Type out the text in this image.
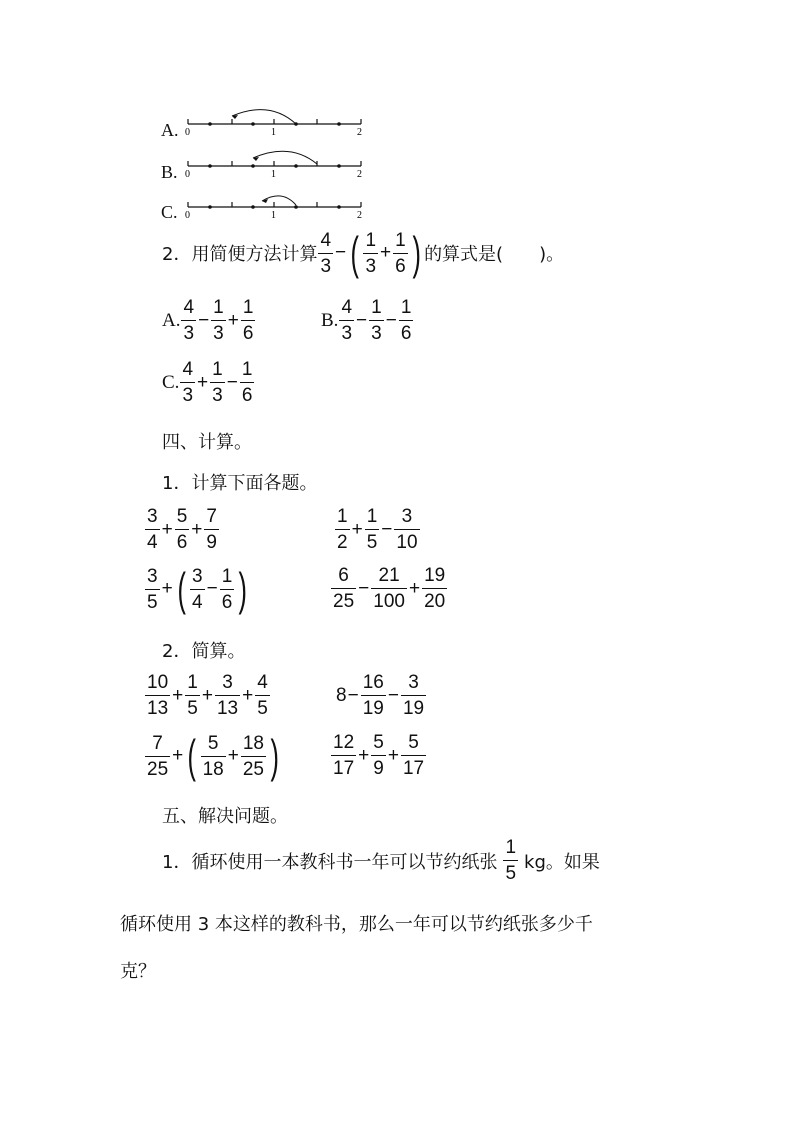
A. 0	1	2
B. 0	1	2
C. 0	1	2
2． 用简便方法计算 $\frac{4}{3}$ − ( $\frac{1}{3} + \frac{1}{6}$ ) 的算式是(　　)。
A. $\frac{4}{3} - \frac{1}{3} + \frac{1}{6}$	B. $\frac{4}{3} - \frac{1}{3} - \frac{1}{6}$
C. $\frac{4}{3} + \frac{1}{3} - \frac{1}{6}$
四、计算。
1．计算下面各题。
$\frac{3}{4} + \frac{5}{6} + \frac{7}{9}$	$\frac{1}{2} + \frac{1}{5} - \frac{3}{10}$
$\frac{3}{5}$ + ( $\frac{3}{4} - \frac{1}{6}$ )	$\frac{6}{25} - \frac{21}{100} + \frac{19}{20}$
2．简算。
$\frac{10}{13} + \frac{1}{5} + \frac{3}{13} + \frac{4}{5}$	$8 - \frac{16}{19} - \frac{3}{19}$
$\frac{7}{25}$ + ( $\frac{5}{18} + \frac{18}{25}$ )	$\frac{12}{17} + \frac{5}{9} + \frac{5}{17}$
五、解决问题。
1．循环使用一本教科书一年可以节约纸张 $\frac{1}{5}$ kg。如果
循环使用 3 本这样的教科书，那么一年可以节约纸张多少千
克？
